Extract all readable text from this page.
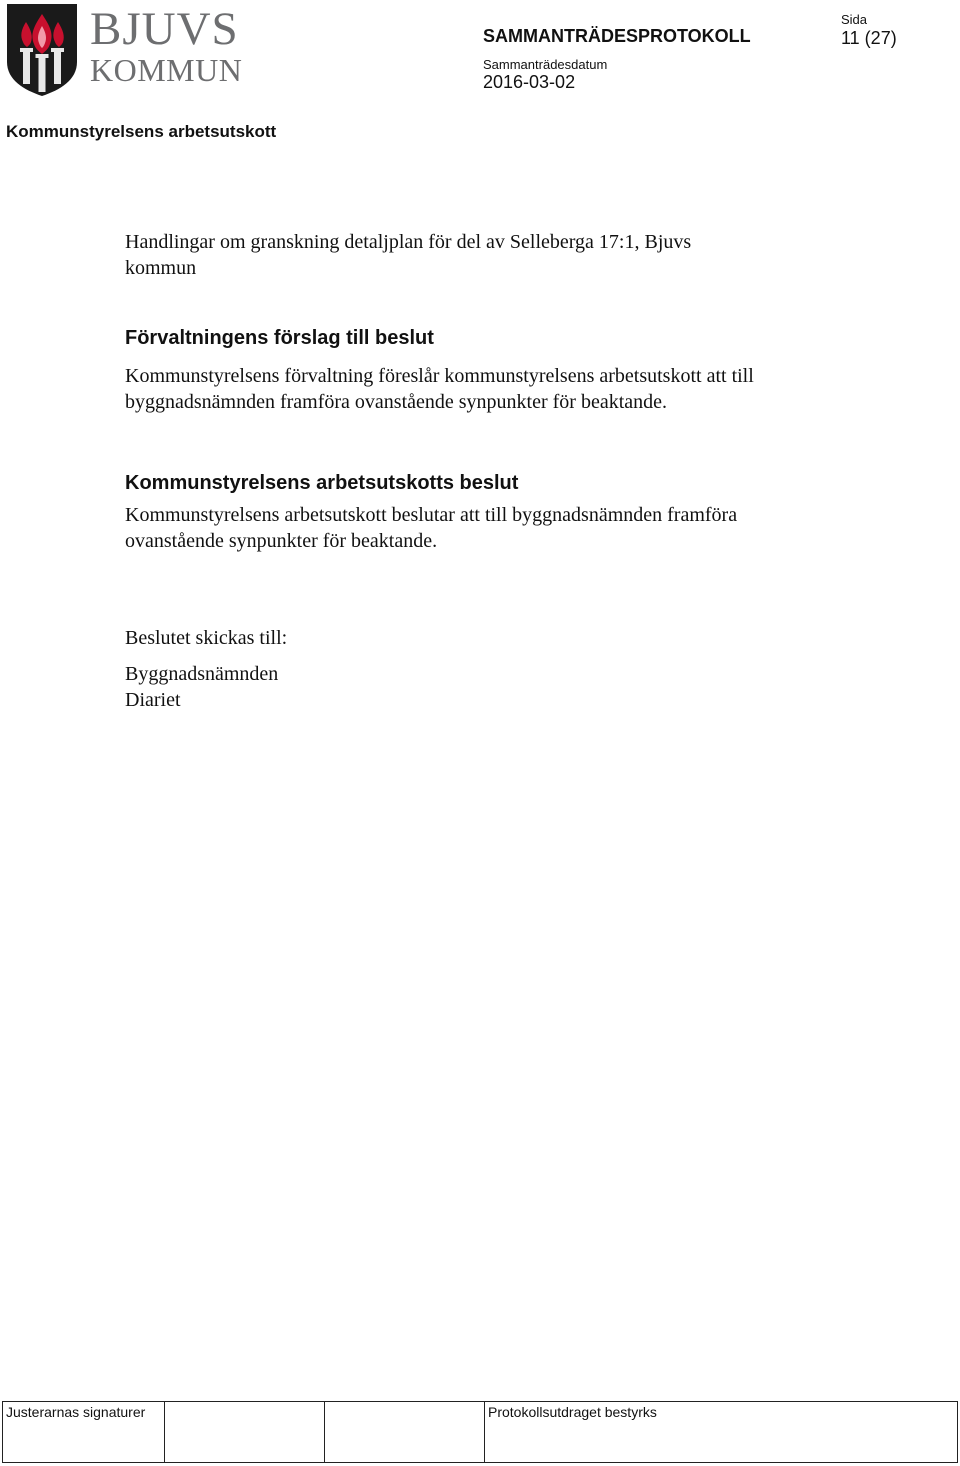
BJUVS
KOMMUN
SAMMANTRÄDESPROTOKOLL
Sammanträdesdatum
2016-03-02
Sida
11 (27)
Kommunstyrelsens arbetsutskott
Handlingar om granskning detaljplan för del av Selleberga 17:1, Bjuvs kommun
Förvaltningens förslag till beslut
Kommunstyrelsens förvaltning föreslår kommunstyrelsens arbetsutskott att till byggnadsnämnden framföra ovanstående synpunkter för beaktande.
Kommunstyrelsens arbetsutskotts beslut
Kommunstyrelsens arbetsutskott beslutar att till byggnadsnämnden framföra ovanstående synpunkter för beaktande.
Beslutet skickas till:
Byggnadsnämnden
Diariet
Justerarnas signaturer			Protokollsutdraget bestyrks
